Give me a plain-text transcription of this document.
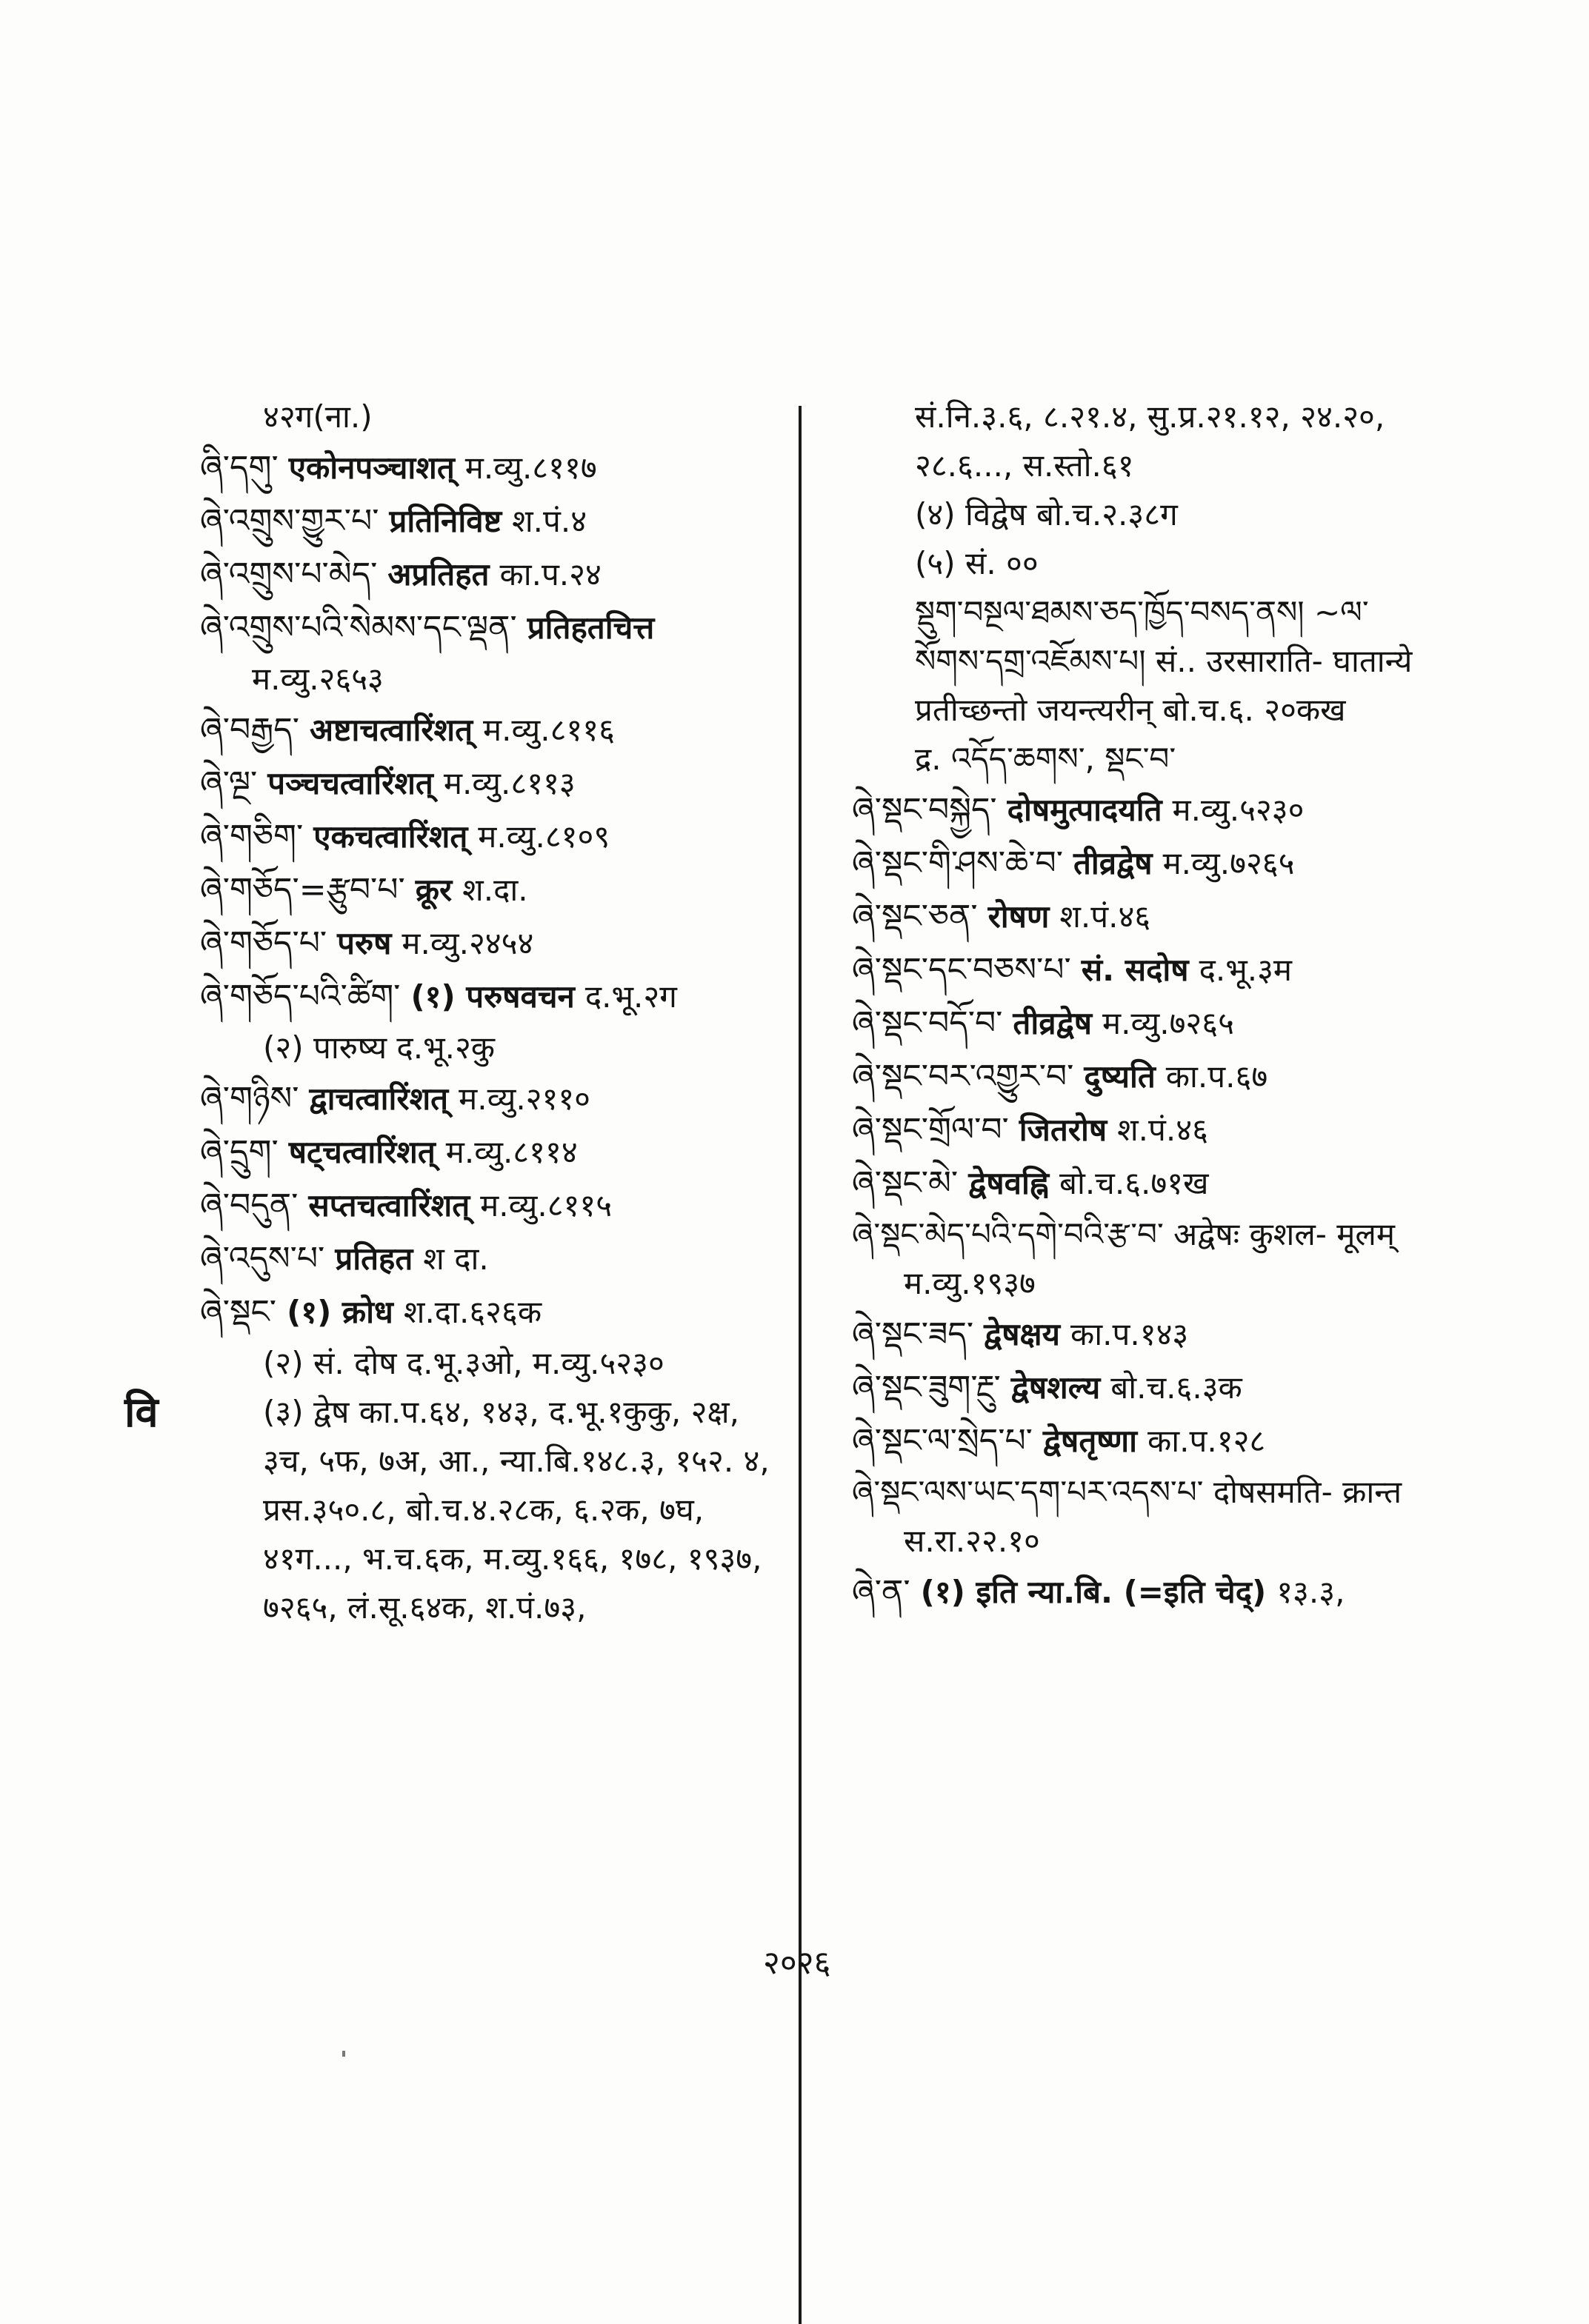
वि

४२ग(ना.)

ཞི་དགུ་ एकोनपञ्चाशत् म.व्यु.८११७

ཞེ་འགྲུས་གྱུར་པ་ प्रतिनिविष्ट श.पं.४

ཞེ་འགྲུས་པ་མེད་ अप्रतिहत का.प.२४

ཞེ་འགྲུས་པའི་སེམས་དང་ལྡན་ प्रतिहतचित्त

म.व्यु.२६५३

ཞེ་བརྒྱད་ अष्टाचत्वारिंशत् म.व्यु.८११६

ཞེ་ལྔ་ पञ्चचत्वारिंशत् म.व्यु.८११३

ཞེ་གཅིག་ एकचत्वारिंशत् म.व्यु.८१०९

ཞེ་གཅོད་=རྩུབ་པ་ क्रूर श.दा.

ཞེ་གཅོད་པ་ परुष म.व्यु.२४५४

ཞེ་གཅོད་པའི་ཚིག་ (१) परुषवचन द.भू.२ग

(२) पारुष्य द.भू.२कु

ཞེ་གཉིས་ द्वाचत्वारिंशत् म.व्यु.२११०

ཞེ་དྲུག་ षट्चत्वारिंशत् म.व्यु.८११४

ཞེ་བདུན་ सप्तचत्वारिंशत् म.व्यु.८११५

ཞེ་འདུས་པ་ प्रतिहत श दा.

ཞེ་སྡང་ (१) क्रोध श.दा.६२६क

(२) सं. दोष द.भू.३ओ, म.व्यु.५२३०

(३) द्वेष का.प.६४, १४३, द.भू.१कुकु, २क्ष, ३च, ५फ, ७अ, आ., न्या.बि.१४८.३, १५२. ४, प्रस.३५०.८, बो.च.४.२८क, ६.२क, ७घ, ४१ग..., भ.च.६क, म.व्यु.१६६, १७८, १९३७, ७२६५, लं.सू.६४क, श.पं.७३,

सं.नि.३.६, ८.२१.४, सु.प्र.२१.१२, २४.२०, २८.६..., स.स्तो.६१

(४) विद्वेष बो.च.२.३८ग

(५) सं. ००

སྡུག་བསྔལ་ཐམས་ཅད་ཁྱོད་བསད་ནས། ~ལ་ སོགས་དགྲ་འཇོམས་པ། सं.. उरसाराति- घातान्ये प्रतीच्छन्तो जयन्त्यरीन् बो.च.६. २०कख

द्र. འདོད་ཆགས་, སྡང་བ་

ཞེ་སྡང་བསྐྱེད་ दोषमुत्पादयति म.व्यु.५२३०

ཞེ་སྡང་གི་ཤས་ཆེ་བ་ तीव्रद्वेष म.व्यु.७२६५

ཞེ་སྡང་ཅན་ रोषण श.पं.४६

ཞེ་སྡང་དང་བཅས་པ་ सं. सदोष द.भू.३म

ཞེ་སྡང་བདོ་བ་ तीव्रद्वेष म.व्यु.७२६५

ཞེ་སྡང་བར་འགྱུར་བ་ दुष्यति का.प.६७

ཞེ་སྡང་གྲོལ་བ་ जितरोष श.पं.४६

ཞེ་སྡང་མེ་ द्वेषवह्नि बो.च.६.७१ख

ཞེ་སྡང་མེད་པའི་དགེ་བའི་རྩ་བ་ अद्वेषः कुशल- मूलम् म.व्यु.१९३७

ཞེ་སྡང་ཟད་ द्वेषक्षय का.प.१४३

ཞེ་སྡང་ཟུག་རྔུ་ द्वेषशल्य बो.च.६.३क

ཞེ་སྡང་ལ་སྲེད་པ་ द्वेषतृष्णा का.प.१२८

ཞེ་སྡང་ལས་ཡང་དག་པར་འདས་པ་ दोषसमति- क्रान्त स.रा.२२.१०

ཞེ་ན་ (१) इति न्या.बि. (=इति चेद्) १३.३,

२०२६
